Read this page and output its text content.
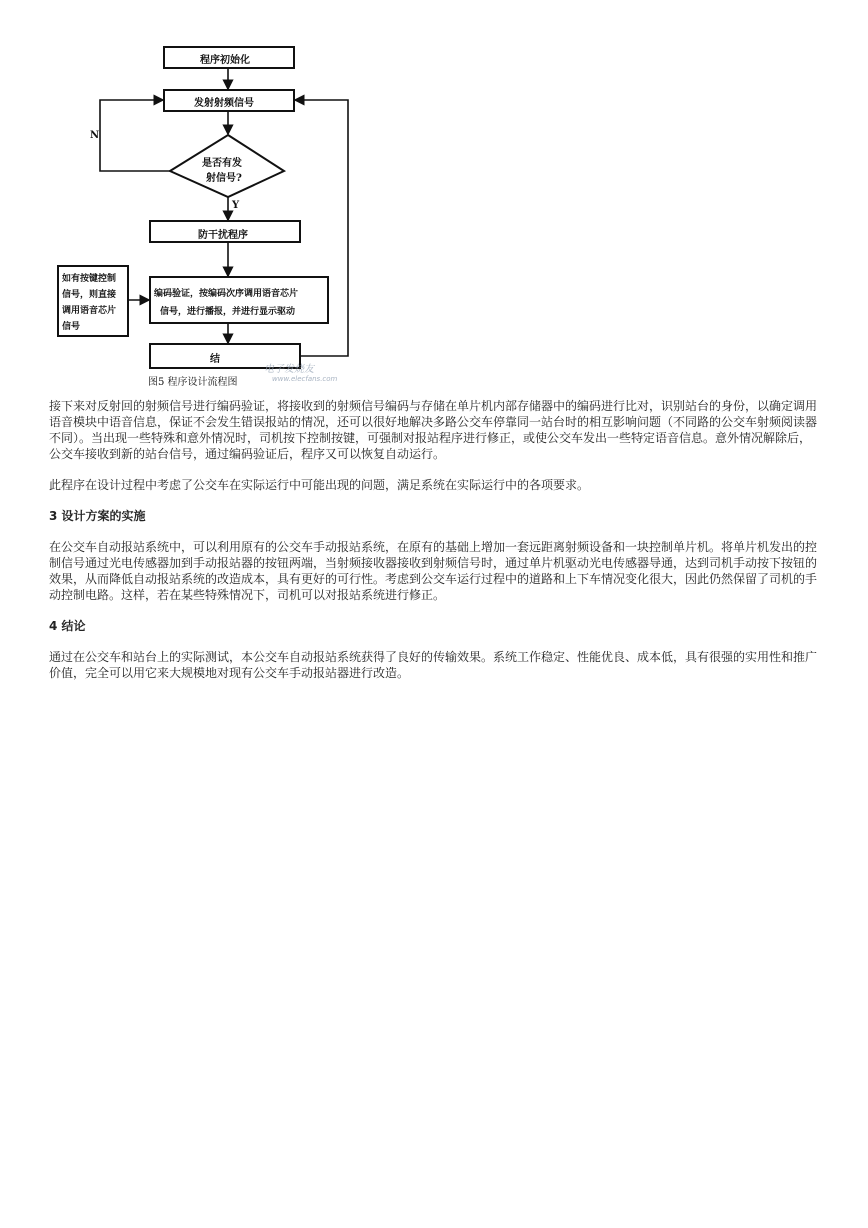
程序初始化
发射射频信号
是否有发
射信号?
N
Y
防干扰程序
编码验证，按编码次序调用语音芯片
信号，进行播报，并进行显示驱动
如有按键控制
信号，则直接
调用语音芯片
信号
结
图5 程序设计流程图
电子发烧友
www.elecfans.com

接下来对反射回的射频信号进行编码验证，将接收到的射频信号编码与存储在单片机内部存储器中的编码进行比对，识别站台的身份，以确定调用语音模块中语音信息，保证不会发生错误报站的情况，还可以很好地解决多路公交车停靠同一站台时的相互影响问题（不同路的公交车射频阅读器不同）。当出现一些特殊和意外情况时，司机按下控制按键，可强制对报站程序进行修正，或使公交车发出一些特定语音信息。意外情况解除后，公交车接收到新的站台信号，通过编码验证后，程序又可以恢复自动运行。

此程序在设计过程中考虑了公交车在实际运行中可能出现的问题，满足系统在实际运行中的各项要求。

3 设计方案的实施

在公交车自动报站系统中，可以利用原有的公交车手动报站系统，在原有的基础上增加一套远距离射频设备和一块控制单片机。将单片机发出的控制信号通过光电传感器加到手动报站器的按钮两端，当射频接收器接收到射频信号时，通过单片机驱动光电传感器导通，达到司机手动按下按钮的效果，从而降低自动报站系统的改造成本，具有更好的可行性。考虑到公交车运行过程中的道路和上下车情况变化很大，因此仍然保留了司机的手动控制电路。这样，若在某些特殊情况下，司机可以对报站系统进行修正。

4 结论

通过在公交车和站台上的实际测试，本公交车自动报站系统获得了良好的传输效果。系统工作稳定、性能优良、成本低，具有很强的实用性和推广价值，完全可以用它来大规模地对现有公交车手动报站器进行改造。
